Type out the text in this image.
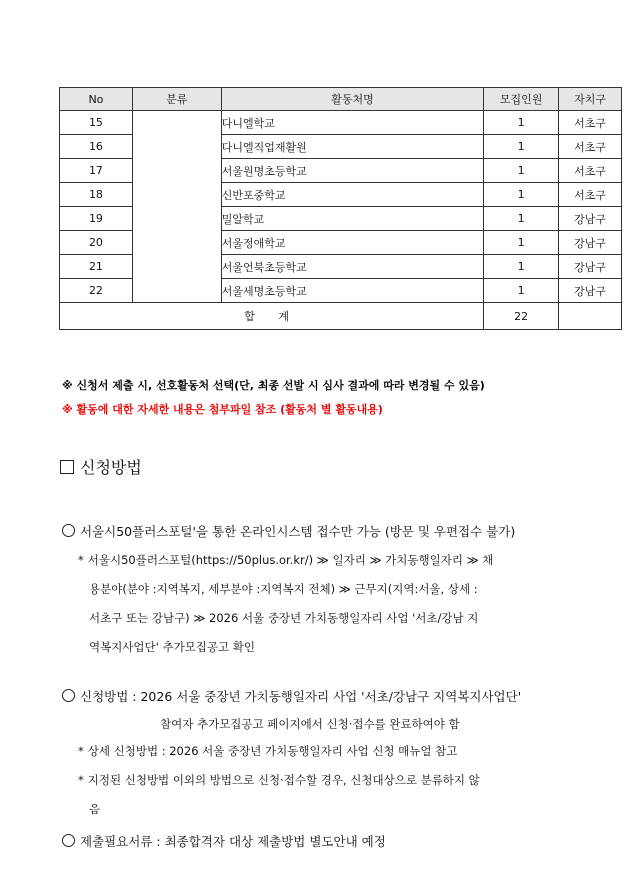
No	분류	활동처명	모집인원	자치구
15		다니엘학교	1	서초구
16		다니엘직업재활원	1	서초구
17		서울원명초등학교	1	서초구
18		신반포중학교	1	서초구
19		밀알학교	1	강남구
20		서울정애학교	1	강남구
21		서울언북초등학교	1	강남구
22		서울세명초등학교	1	강남구
합 계			22	
※ 신청서 제출 시, 선호활동처 선택(단, 최종 선발 시 심사 결과에 따라 변경될 수 있음)
※ 활동에 대한 자세한 내용은 첨부파일 참조 (활동처 별 활동내용)
신청방법
서울시50플러스포털'을 통한 온라인시스템 접수만 가능 (방문 및 우편접수 불가)
* 서울시50플러스포털(https://50plus.or.kr/) ≫ 일자리 ≫ 가치동행일자리 ≫ 채
용분야(분야 :지역복지, 세부분야 :지역복지 전체) ≫ 근무지(지역:서울, 상세 :
서초구 또는 강남구) ≫ 2026 서울 중장년 가치동행일자리 사업 '서초/강남 지
역복지사업단' 추가모집공고 확인
신청방법 : 2026 서울 중장년 가치동행일자리 사업 '서초/강남구 지역복지사업단'
참여자 추가모집공고 페이지에서 신청·접수를 완료하여야 함
* 상세 신청방법 : 2026 서울 중장년 가치동행일자리 사업 신청 매뉴얼 참고
* 지정된 신청방법 이외의 방법으로 신청·접수할 경우, 신청대상으로 분류하지 않
음
제출필요서류 : 최종합격자 대상 제출방법 별도안내 예정
